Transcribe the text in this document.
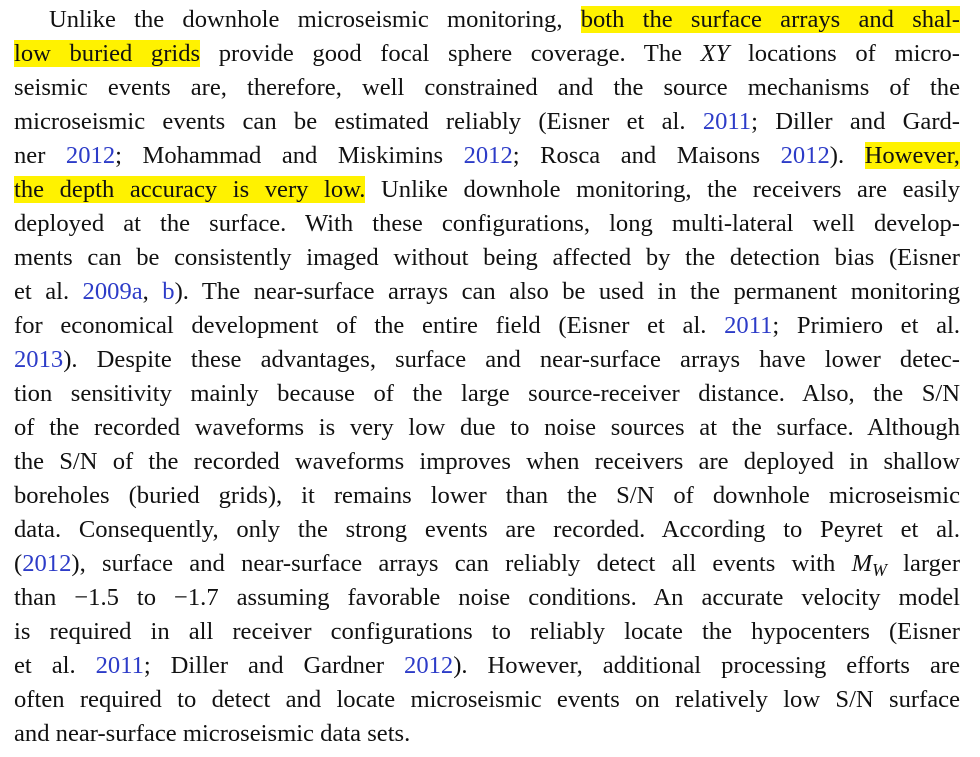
Unlike the downhole microseismic monitoring, both the surface arrays and shal-
low buried grids provide good focal sphere coverage. The XY locations of micro-
seismic events are, therefore, well constrained and the source mechanisms of the
microseismic events can be estimated reliably (Eisner et al. 2011; Diller and Gard-
ner 2012; Mohammad and Miskimins 2012; Rosca and Maisons 2012). However,
the depth accuracy is very low. Unlike downhole monitoring, the receivers are easily
deployed at the surface. With these configurations, long multi-lateral well develop-
ments can be consistently imaged without being affected by the detection bias (Eisner
et al. 2009a, b). The near-surface arrays can also be used in the permanent monitoring
for economical development of the entire field (Eisner et al. 2011; Primiero et al.
2013). Despite these advantages, surface and near-surface arrays have lower detec-
tion sensitivity mainly because of the large source-receiver distance. Also, the S/N
of the recorded waveforms is very low due to noise sources at the surface. Although
the S/N of the recorded waveforms improves when receivers are deployed in shallow
boreholes (buried grids), it remains lower than the S/N of downhole microseismic
data. Consequently, only the strong events are recorded. According to Peyret et al.
(2012), surface and near-surface arrays can reliably detect all events with $M_W$ larger
than −1.5 to −1.7 assuming favorable noise conditions. An accurate velocity model
is required in all receiver configurations to reliably locate the hypocenters (Eisner
et al. 2011; Diller and Gardner 2012). However, additional processing efforts are
often required to detect and locate microseismic events on relatively low S/N surface
and near-surface microseismic data sets.
